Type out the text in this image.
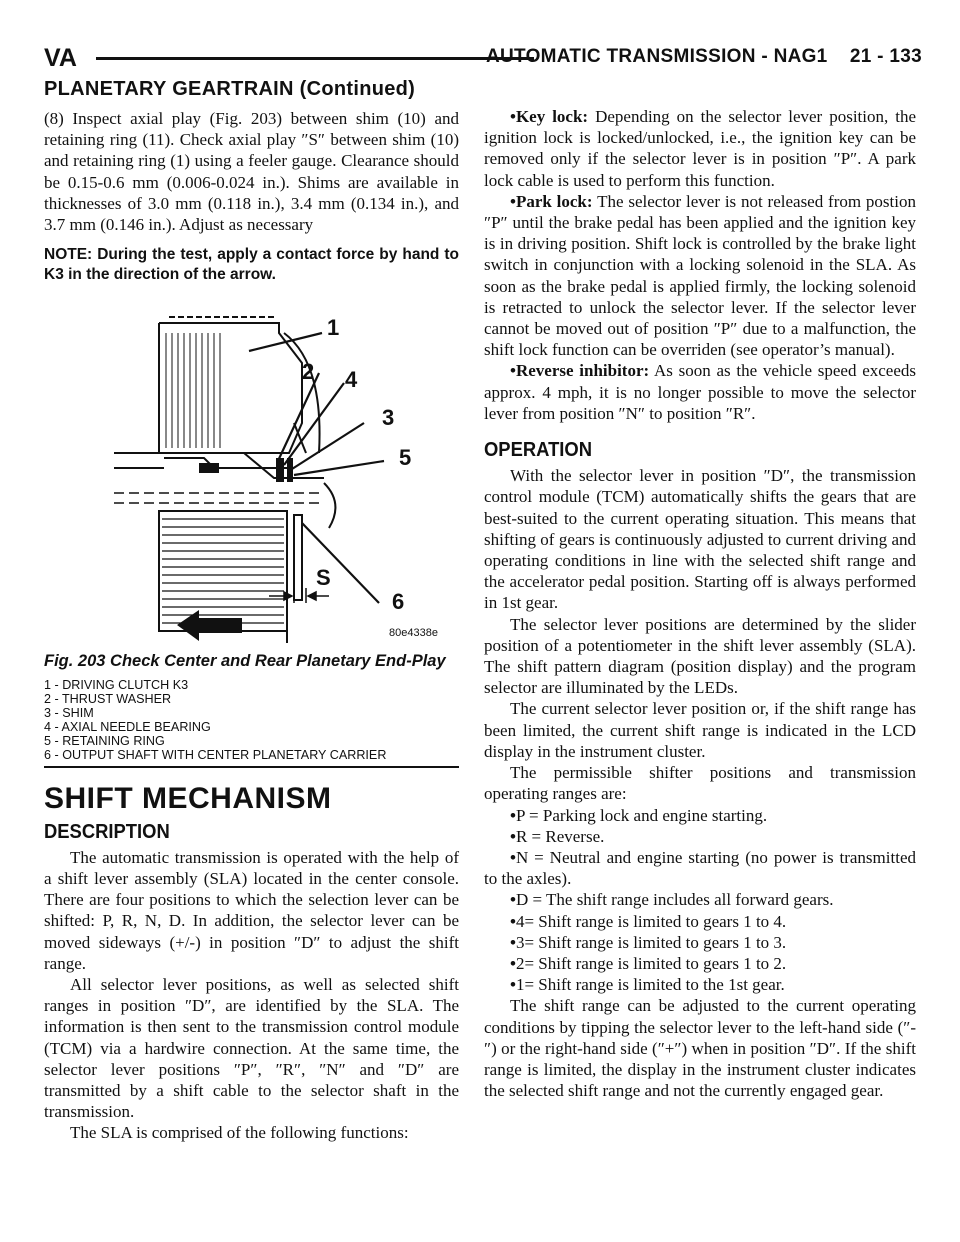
VA	AUTOMATIC TRANSMISSION - NAG1    21 - 133
PLANETARY GEARTRAIN (Continued)

(8) Inspect axial play (Fig. 203) between shim (10) and retaining ring (11). Check axial play ″S″ between shim (10) and retaining ring (1) using a feeler gauge. Clearance should be 0.15-0.6 mm (0.006-0.024 in.). Shims are available in thicknesses of 3.0 mm (0.118 in.), 3.4 mm (0.134 in.), and 3.7 mm (0.146 in.). Adjust as necessary

NOTE: During the test, apply a contact force by hand to K3 in the direction of the arrow.

S
1
2
3
4
5
6
80e4338e
Fig. 203 Check Center and Rear Planetary End-Play
1 - DRIVING CLUTCH K3
2 - THRUST WASHER
3 - SHIM
4 - AXIAL NEEDLE BEARING
5 - RETAINING RING
6 - OUTPUT SHAFT WITH CENTER PLANETARY CARRIER
SHIFT MECHANISM
DESCRIPTION

The automatic transmission is operated with the help of a shift lever assembly (SLA) located in the center console. There are four positions to which the selection lever can be shifted: P, R, N, D. In addition, the selector lever can be moved sideways (+/-) in position ″D″ to adjust the shift range.

All selector lever positions, as well as selected shift ranges in position ″D″, are identified by the SLA. The information is then sent to the transmission control module (TCM) via a hardwire connection. At the same time, the selector lever positions ″P″, ″R″, ″N″ and ″D″ are transmitted by a shift cable to the selector shaft in the transmission.

The SLA is comprised of the following functions:

•Key lock: Depending on the selector lever position, the ignition lock is locked/unlocked, i.e., the ignition key can be removed only if the selector lever is in position ″P″. A park lock cable is used to perform this function.

•Park lock: The selector lever is not released from postion ″P″ until the brake pedal has been applied and the ignition key is in driving position. Shift lock is controlled by the brake light switch in conjunction with a locking solenoid in the SLA. As soon as the brake pedal is applied firmly, the locking solenoid is retracted to unlock the selector lever. If the selector lever cannot be moved out of position ″P″ due to a malfunction, the shift lock function can be overriden (see operator’s manual).

•Reverse inhibitor: As soon as the vehicle speed exceeds approx. 4 mph, it is no longer possible to move the selector lever from position ″N″ to position ″R″.

OPERATION

With the selector lever in position ″D″, the transmission control module (TCM) automatically shifts the gears that are best-suited to the current operating situation. This means that shifting of gears is continuously adjusted to current driving and operating conditions in line with the selected shift range and the accelerator pedal position. Starting off is always performed in 1st gear.

The selector lever positions are determined by the slider position of a potentiometer in the shift lever assembly (SLA). The shift pattern diagram (position display) and the program selector are illuminated by the LEDs.

The current selector lever position or, if the shift range has been limited, the current shift range is indicated in the LCD display in the instrument cluster.

The permissible shifter positions and transmission operating ranges are:

•P = Parking lock and engine starting.

•R = Reverse.

•N = Neutral and engine starting (no power is transmitted to the axles).

•D = The shift range includes all forward gears.

•4= Shift range is limited to gears 1 to 4.

•3= Shift range is limited to gears 1 to 3.

•2= Shift range is limited to gears 1 to 2.

•1= Shift range is limited to the 1st gear.

The shift range can be adjusted to the current operating conditions by tipping the selector lever to the left-hand side (″-″) or the right-hand side (″+″) when in position ″D″. If the shift range is limited, the display in the instrument cluster indicates the selected shift range and not the currently engaged gear.
